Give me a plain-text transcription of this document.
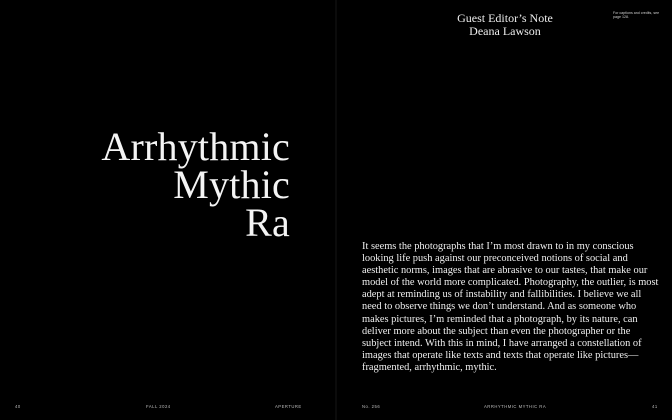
Arrhythmic
Mythic
Ra
Guest Editor’s Note
Deana Lawson
For captions and credits, see page 128.

It seems the photographs that I’m most drawn to in my conscious looking life push against our preconceived notions of social and aesthetic norms, images that are abrasive to our tastes, that make our model of the world more complicated. Photography, the outlier, is most adept at reminding us of instability and fallibilities. I believe we all need to observe things we don’t understand. And as someone who makes pictures, I’m reminded that a photograph, by its nature, can deliver more about the subject than even the photographer or the subject intend. With this in mind, I have arranged a constellation of images that operate like texts and texts that operate like pictures—fragmented, arrhythmic, mythic.

40	FALL 2024	APERTURE	No. 256	ARRHYTHMIC MYTHIC RA	41
